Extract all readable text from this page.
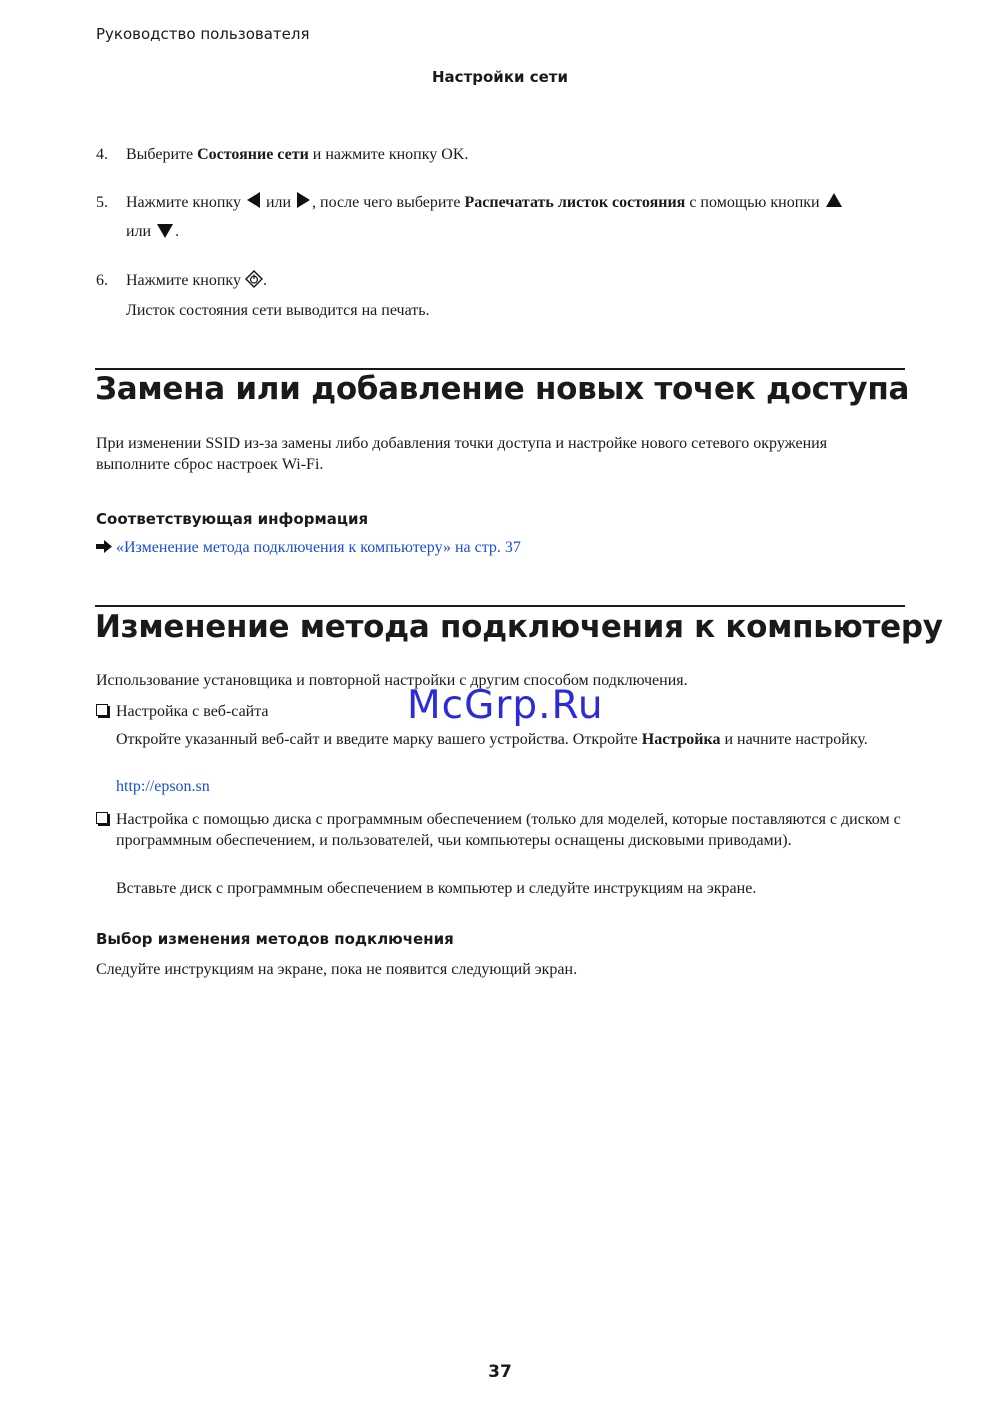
Руководство пользователя
Настройки сети
4.	Выберите Состояние сети и нажмите кнопку OK.
5.	Нажмите кнопку  или , после чего выберите Распечатать листок состояния с помощью кнопки
или .
6.	Нажмите кнопку .
Листок состояния сети выводится на печать.
Замена или добавление новых точек доступа
При изменении SSID из-за замены либо добавления точки доступа и настройке нового сетевого окружения выполните сброс настроек Wi-Fi.
Соответствующая информация
«Изменение метода подключения к компьютеру» на стр. 37
Изменение метода подключения к компьютеру
Использование установщика и повторной настройки с другим способом подключения.
Настройка с веб-сайта
Откройте указанный веб-сайт и введите марку вашего устройства. Откройте Настройка и начните настройку.
http://epson.sn
Настройка с помощью диска с программным обеспечением (только для моделей, которые поставляются с диском с программным обеспечением, и пользователей, чьи компьютеры оснащены дисковыми приводами).
Вставьте диск с программным обеспечением в компьютер и следуйте инструкциям на экране.
Выбор изменения методов подключения
Следуйте инструкциям на экране, пока не появится следующий экран.
McGrp.Ru
37
